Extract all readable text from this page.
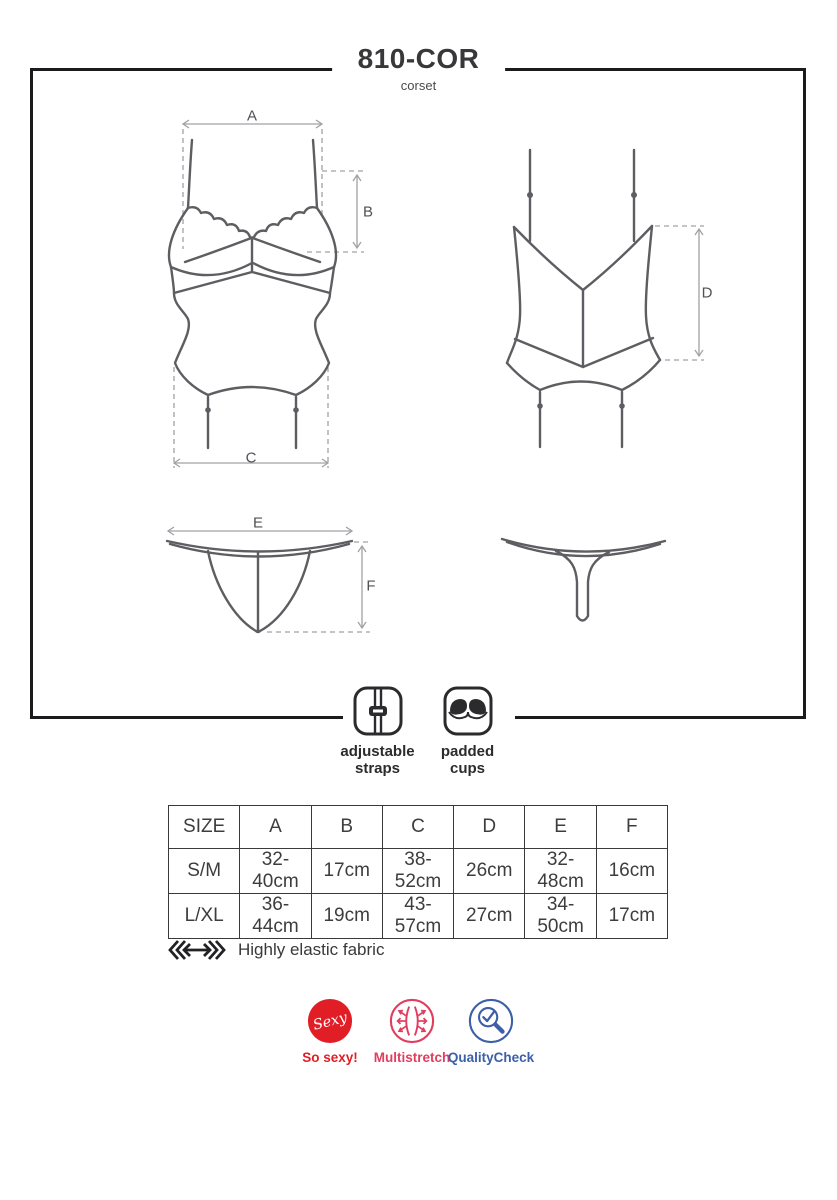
810-COR
corset
A
B
C
D
E
F
adjustable straps
padded cups
SIZE	A	B	C	D	E	F
S/M	32-40cm	17cm	38-52cm	26cm	32-48cm	16cm
L/XL	36-44cm	19cm	43-57cm	27cm	34-50cm	17cm
Highly elastic fabric
Sexy
So sexy! Multistretch
QualityCheck
